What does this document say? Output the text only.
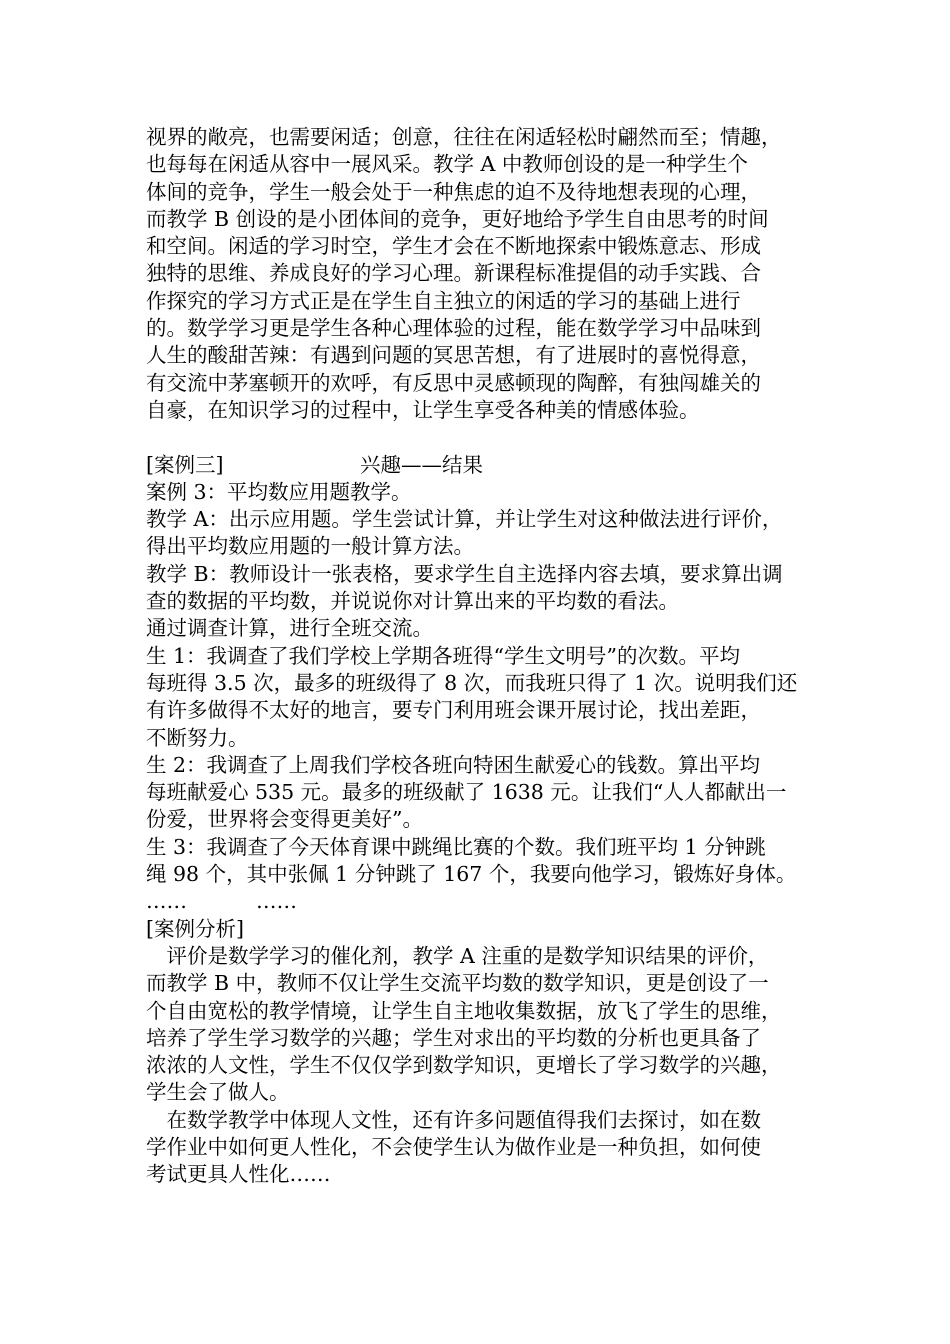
视界的敞亮，也需要闲适；创意，往往在闲适轻松时翩然而至；情趣，
也每每在闲适从容中一展风采。教学 A 中教师创设的是一种学生个
体间的竞争，学生一般会处于一种焦虑的迫不及待地想表现的心理，
而教学 B 创设的是小团体间的竞争，更好地给予学生自由思考的时间
和空间。闲适的学习时空，学生才会在不断地探索中锻炼意志、形成
独特的思维、养成良好的学习心理。新课程标准提倡的动手实践、合
作探究的学习方式正是在学生自主独立的闲适的学习的基础上进行
的。数学学习更是学生各种心理体验的过程，能在数学学习中品味到
人生的酸甜苦辣：有遇到问题的冥思苦想，有了进展时的喜悦得意，
有交流中茅塞顿开的欢呼，有反思中灵感顿现的陶醉，有独闯雄关的
自豪，在知识学习的过程中，让学生享受各种美的情感体验。
[案例三]	兴趣——结果
案例 3：平均数应用题教学。
教学 A：出示应用题。学生尝试计算，并让学生对这种做法进行评价，
得出平均数应用题的一般计算方法。
教学 B：教师设计一张表格，要求学生自主选择内容去填，要求算出调
查的数据的平均数，并说说你对计算出来的平均数的看法。
通过调查计算，进行全班交流。
生 1：我调查了我们学校上学期各班得“学生文明号”的次数。平均
每班得 3.5 次，最多的班级得了 8 次，而我班只得了 1 次。说明我们还
有许多做得不太好的地言，要专门利用班会课开展讨论，找出差距，
不断努力。
生 2：我调查了上周我们学校各班向特困生献爱心的钱数。算出平均
每班献爱心 535 元。最多的班级献了 1638 元。让我们“人人都献出一
份爱，世界将会变得更美好”。
生 3：我调查了今天体育课中跳绳比赛的个数。我们班平均 1 分钟跳
绳 98 个，其中张佩 1 分钟跳了 167 个，我要向他学习，锻炼好身体。
……	……
[案例分析]
评价是数学学习的催化剂，教学 A 注重的是数学知识结果的评价，
而教学 B 中，教师不仅让学生交流平均数的数学知识，更是创设了一
个自由宽松的教学情境，让学生自主地收集数据，放飞了学生的思维，
培养了学生学习数学的兴趣；学生对求出的平均数的分析也更具备了
浓浓的人文性，学生不仅仅学到数学知识，更增长了学习数学的兴趣，
学生会了做人。
在数学教学中体现人文性，还有许多问题值得我们去探讨，如在数
学作业中如何更人性化，不会使学生认为做作业是一种负担，如何使
考试更具人性化……
